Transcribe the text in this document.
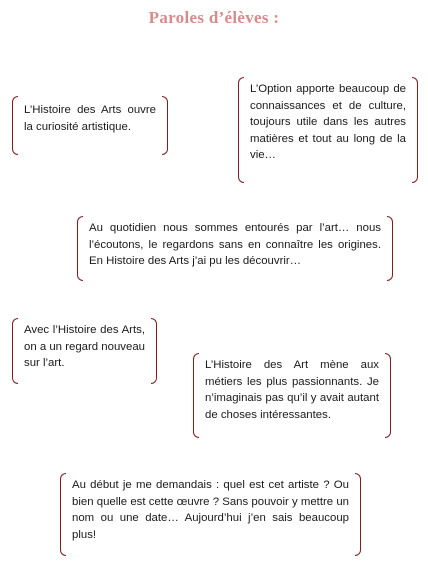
Paroles d’élèves :

L’Histoire des Arts ouvre la curiosité artistique.

L’Option apporte beaucoup de connaissances et de culture, toujours utile dans les autres matières et tout au long de la vie…

Au quotidien nous sommes entourés par l’art… nous l’écoutons, le regardons sans en connaître les origines. En Histoire des Arts j’ai pu les découvrir…

Avec l’Histoire des Arts, on a un regard nouveau sur l’art.	L’Histoire des Art mène aux métiers les plus passionnants. Je n’imaginais pas qu’il y avait autant de choses intéressantes.

Au début je me demandais : quel est cet artiste ? Ou bien quelle est cette œuvre ? Sans pouvoir y mettre un nom ou une date… Aujourd’hui j’en sais beaucoup plus!
